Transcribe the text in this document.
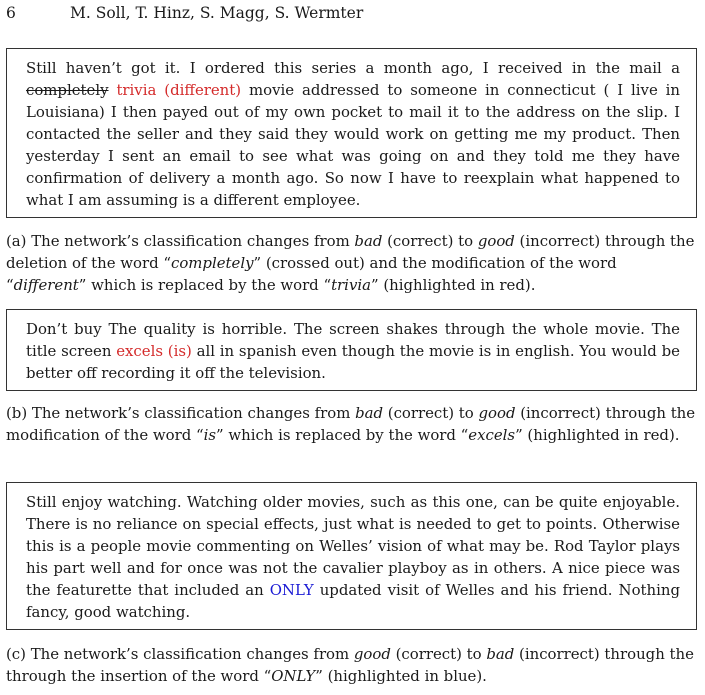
6	M. Soll, T. Hinz, S. Magg, S. Wermter
Still haven’t got it. I ordered this series a month ago, I received in the mail a completely trivia (different) movie addressed to someone in connecticut ( I live in Louisiana) I then payed out of my own pocket to mail it to the address on the slip. I contacted the seller and they said they would work on getting me my product. Then yesterday I sent an email to see what was going on and they told me they have confirmation of delivery a month ago. So now I have to reexplain what happened to what I am assuming is a different employee.
(a) The network’s classification changes from bad (correct) to good (incorrect) through the deletion of the word “completely” (crossed out) and the modification of the word “different” which is replaced by the word “trivia” (highlighted in red).
Don’t buy The quality is horrible. The screen shakes through the whole movie. The title screen excels (is) all in spanish even though the movie is in english. You would be better off recording it off the television.
(b) The network’s classification changes from bad (correct) to good (incorrect) through the modification of the word “is” which is replaced by the word “excels” (highlighted in red).
Still enjoy watching. Watching older movies, such as this one, can be quite enjoyable. There is no reliance on special effects, just what is needed to get to points. Otherwise this is a people movie commenting on Welles’ vision of what may be. Rod Taylor plays his part well and for once was not the cavalier playboy as in others. A nice piece was the featurette that included an ONLY updated visit of Welles and his friend. Nothing fancy, good watching.
(c) The network’s classification changes from good (correct) to bad (incorrect) through the through the insertion of the word “ONLY” (highlighted in blue).
